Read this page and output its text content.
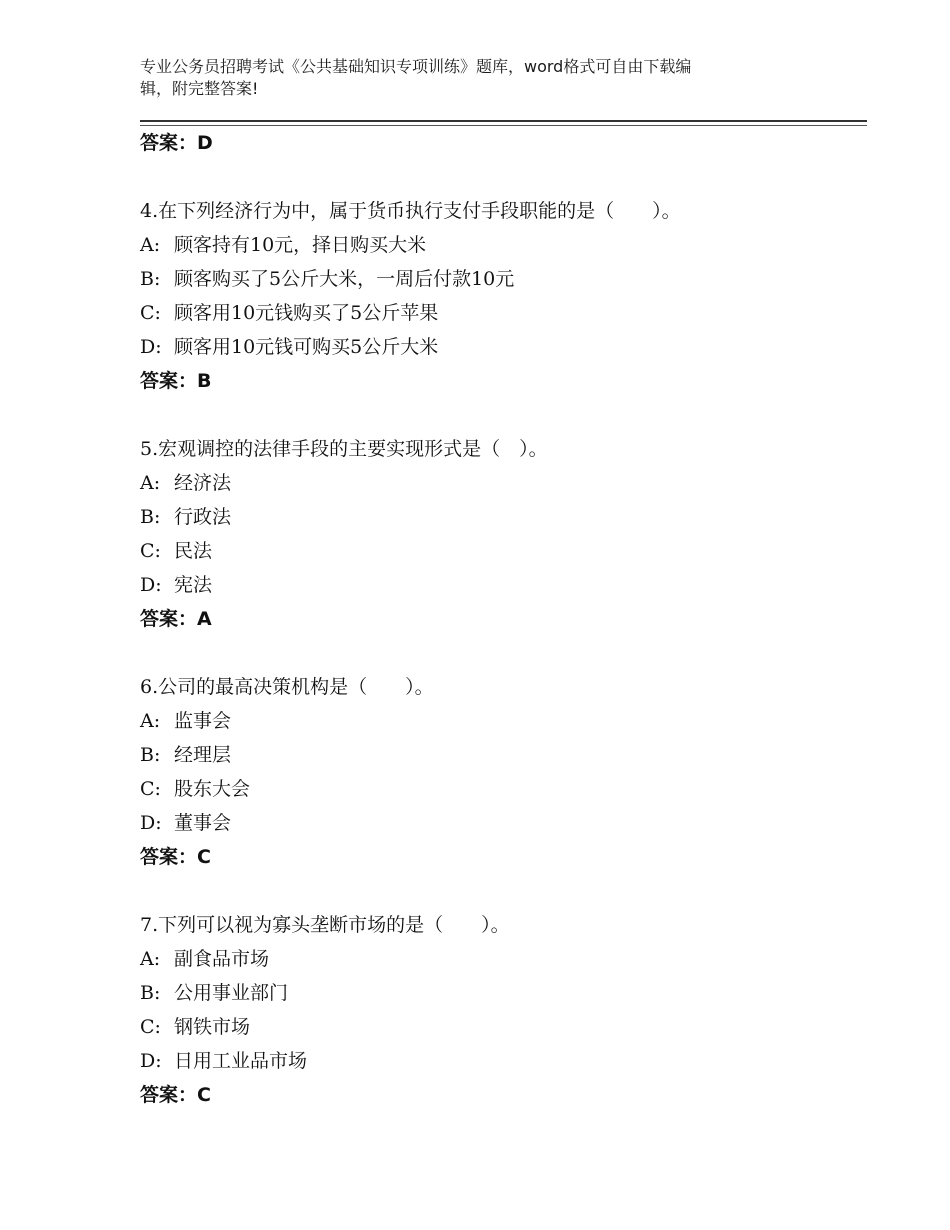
专业公务员招聘考试《公共基础知识专项训练》题库，word格式可自由下载编
辑，附完整答案!
答案：D
4.在下列经济行为中，属于货币执行支付手段职能的是（　　）。
A: 顾客持有10元，择日购买大米
B: 顾客购买了5公斤大米，一周后付款10元
C: 顾客用10元钱购买了5公斤苹果
D: 顾客用10元钱可购买5公斤大米
答案：B
5.宏观调控的法律手段的主要实现形式是（　）。
A: 经济法
B: 行政法
C: 民法
D: 宪法
答案：A
6.公司的最高决策机构是（　　）。
A: 监事会
B: 经理层
C: 股东大会
D: 董事会
答案：C
7.下列可以视为寡头垄断市场的是（　　）。
A: 副食品市场
B: 公用事业部门
C: 钢铁市场
D: 日用工业品市场
答案：C
